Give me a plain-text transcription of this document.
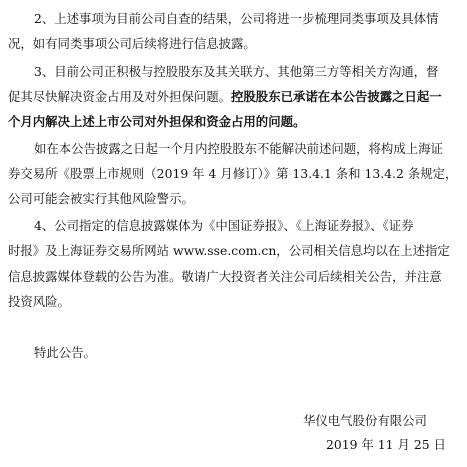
2、上述事项为目前公司自查的结果，公司将进一步梳理同类事项及具体情
况，如有同类事项公司后续将进行信息披露。
3、目前公司正积极与控股股东及其关联方、其他第三方等相关方沟通，督
促其尽快解决资金占用及对外担保问题。控股股东已承诺在本公告披露之日起一
个月内解决上述上市公司对外担保和资金占用的问题。
如在本公告披露之日起一个月内控股股东不能解决前述问题，将构成上海证
券交易所《股票上市规则（2019 年 4 月修订）》第 13.4.1 条和 13.4.2 条规定，
公司可能会被实行其他风险警示。
4、公司指定的信息披露媒体为《中国证券报》、《上海证券报》、《证券
时报》及上海证券交易所网站 www.sse.com.cn，公司相关信息均以在上述指定
信息披露媒体登载的公告为准。敬请广大投资者关注公司后续相关公告，并注意
投资风险。
特此公告。
华仪电气股份有限公司
2019 年 11 月 25 日
